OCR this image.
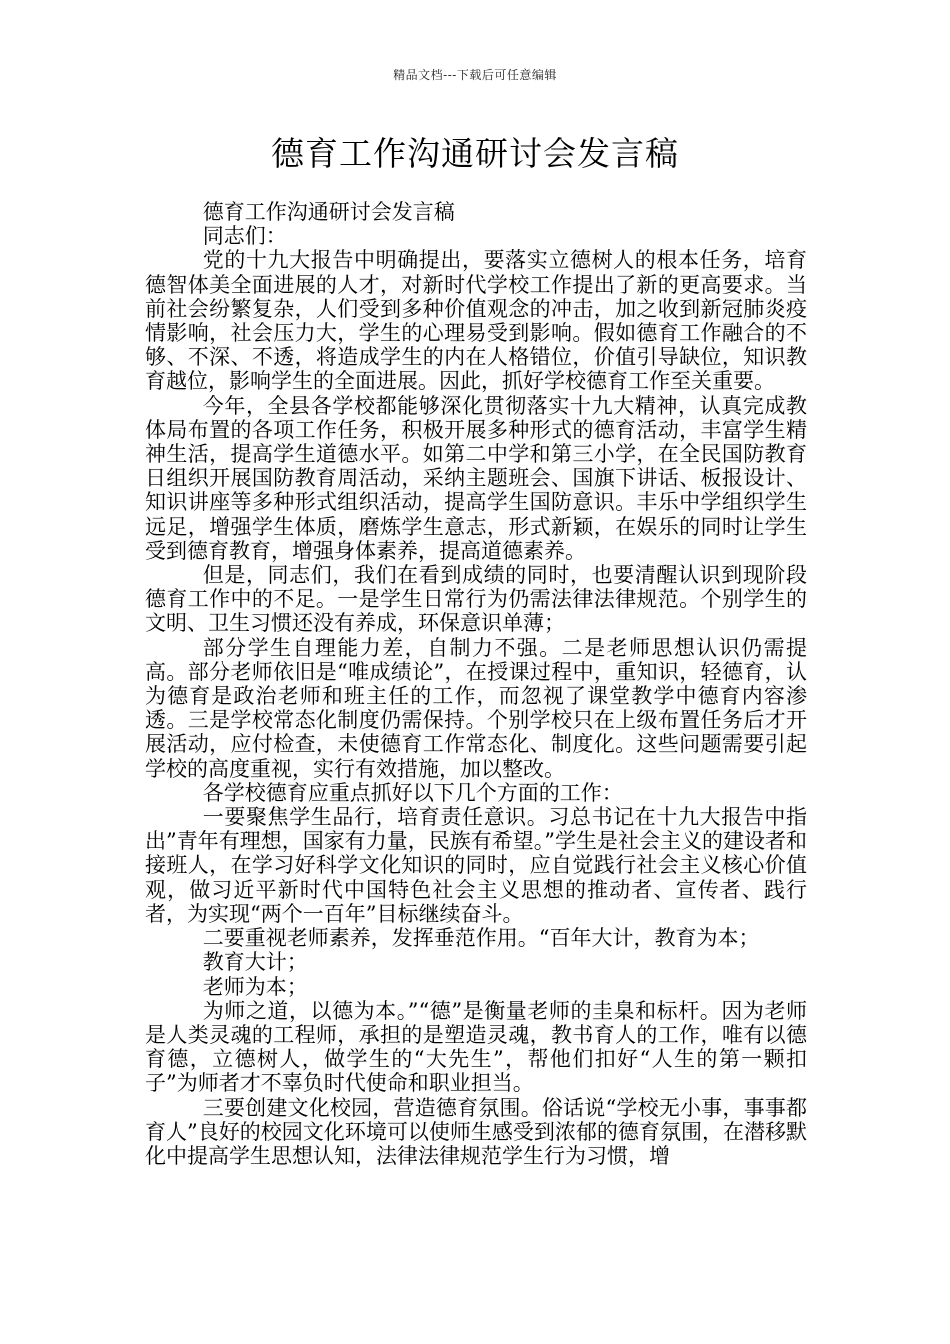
精品文档---下载后可任意编辑
德育工作沟通研讨会发言稿

德育工作沟通研讨会发言稿

同志们：

党的十九大报告中明确提出，要落实立德树人的根本任务，培育德智体美全面进展的人才，对新时代学校工作提出了新的更高要求。当前社会纷繁复杂，人们受到多种价值观念的冲击，加之收到新冠肺炎疫情影响，社会压力大，学生的心理易受到影响。假如德育工作融合的不够、不深、不透，将造成学生的内在人格错位，价值引导缺位，知识教育越位，影响学生的全面进展。因此，抓好学校德育工作至关重要。

今年，全县各学校都能够深化贯彻落实十九大精神，认真完成教体局布置的各项工作任务，积极开展多种形式的德育活动，丰富学生精神生活，提高学生道德水平。如第二中学和第三小学，在全民国防教育日组织开展国防教育周活动，采纳主题班会、国旗下讲话、板报设计、知识讲座等多种形式组织活动，提高学生国防意识。丰乐中学组织学生远足，增强学生体质，磨炼学生意志，形式新颖，在娱乐的同时让学生受到德育教育，增强身体素养，提高道德素养。

但是，同志们，我们在看到成绩的同时，也要清醒认识到现阶段德育工作中的不足。一是学生日常行为仍需法律法律规范。个别学生的文明、卫生习惯还没有养成，环保意识单薄；

部分学生自理能力差，自制力不强。二是老师思想认识仍需提高。部分老师依旧是“唯成绩论”，在授课过程中，重知识，轻德育，认为德育是政治老师和班主任的工作，而忽视了课堂教学中德育内容渗透。三是学校常态化制度仍需保持。个别学校只在上级布置任务后才开展活动，应付检查，未使德育工作常态化、制度化。这些问题需要引起学校的高度重视，实行有效措施，加以整改。

各学校德育应重点抓好以下几个方面的工作：

一要聚焦学生品行，培育责任意识。习总书记在十九大报告中指出”青年有理想，国家有力量，民族有希望。”学生是社会主义的建设者和接班人，在学习好科学文化知识的同时，应自觉践行社会主义核心价值观，做习近平新时代中国特色社会主义思想的推动者、宣传者、践行者，为实现“两个一百年”目标继续奋斗。

二要重视老师素养，发挥垂范作用。“百年大计，教育为本；

教育大计；

老师为本；

为师之道，以德为本。”“德”是衡量老师的圭臬和标杆。因为老师是人类灵魂的工程师，承担的是塑造灵魂，教书育人的工作，唯有以德育德，立德树人，做学生的“大先生”，帮他们扣好“人生的第一颗扣子”为师者才不辜负时代使命和职业担当。

三要创建文化校园，营造德育氛围。俗话说“学校无小事，事事都育人”良好的校园文化环境可以使师生感受到浓郁的德育氛围，在潜移默化中提高学生思想认知，法律法律规范学生行为习惯，增
